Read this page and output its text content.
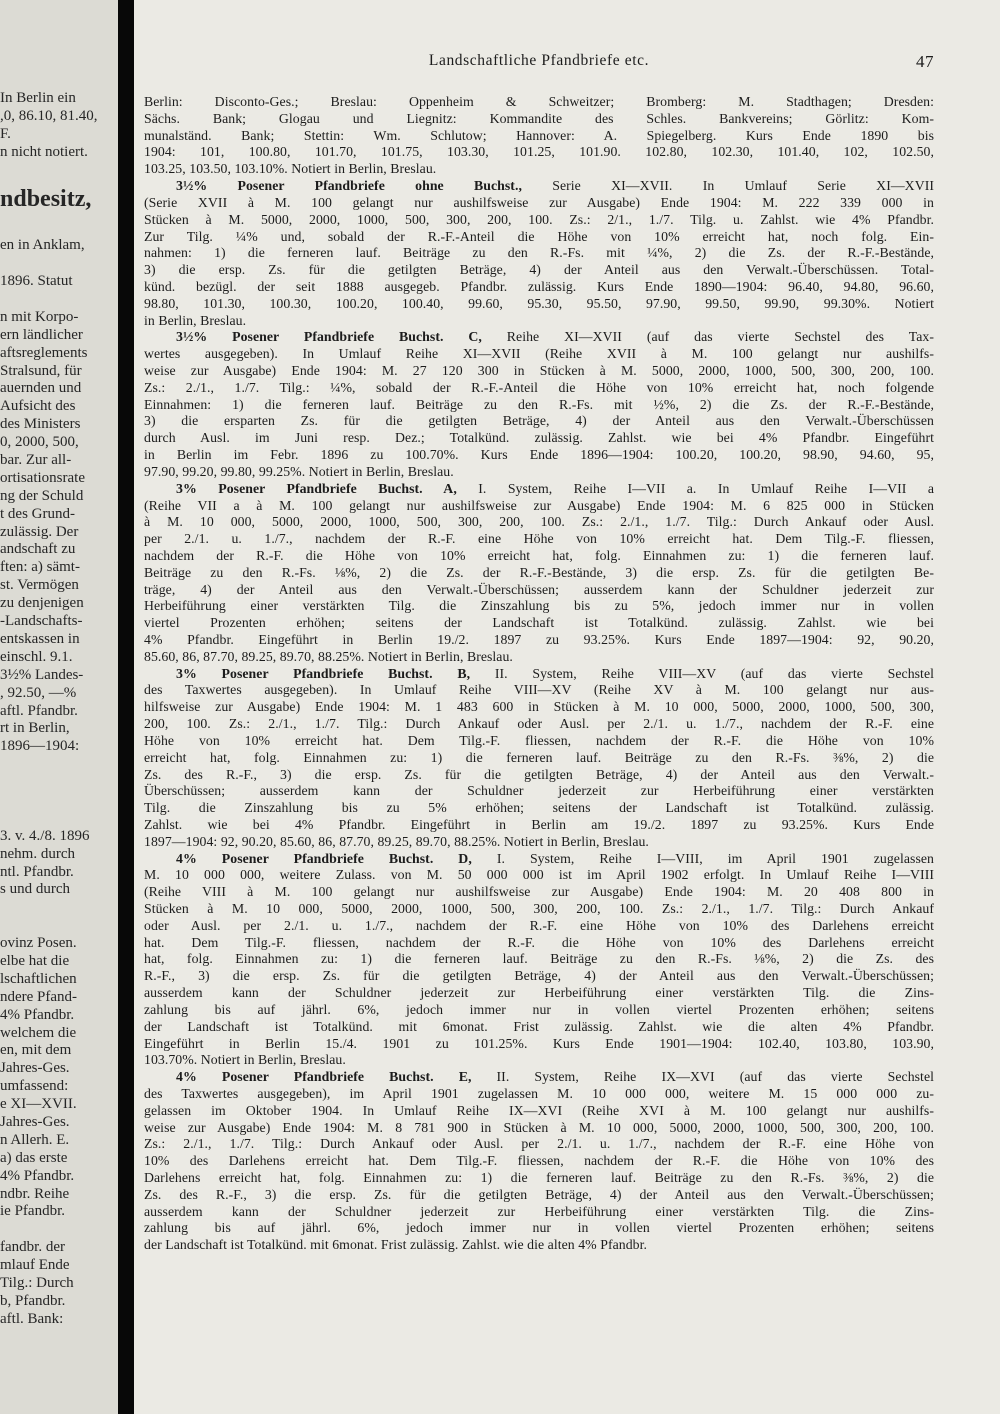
In Berlin ein
,0, 86.10, 81.40,
F.
n nicht notiert.
ndbesitz,
en in Anklam,
1896. Statut
n mit Korpo-
ern ländlicher
aftsreglements
Stralsund, für
auernden und
Aufsicht des
des Ministers
0, 2000, 500,
bar. Zur all-
ortisationsrate
ng der Schuld
t des Grund-
zulässig. Der
andschaft zu
ften: a) sämt-
st. Vermögen
zu denjenigen
-Landschafts-
entskassen in
einschl. 9.1.
3½% Landes-
, 92.50, —%
aftl. Pfandbr.
rt in Berlin,
1896—1904:
3. v. 4./8. 1896
nehm. durch
ntl. Pfandbr.
s und durch
ovinz Posen.
elbe hat die
lschaftlichen
ndere Pfand-
4% Pfandbr.
welchem die
en, mit dem
Jahres-Ges.
umfassend:
e XI—XVII.
Jahres-Ges.
n Allerh. E.
a) das erste
4% Pfandbr.
ndbr. Reihe
ie Pfandbr.
fandbr. der
mlauf Ende
Tilg.: Durch
b, Pfandbr.
aftl. Bank:
Landschaftliche Pfandbriefe etc.	47
Berlin: Disconto-Ges.; Breslau: Oppenheim & Schweitzer; Bromberg: M. Stadthagen; Dresden:
Sächs. Bank; Glogau und Liegnitz: Kommandite des Schles. Bankvereins; Görlitz: Kom-
munalständ. Bank; Stettin: Wm. Schlutow; Hannover: A. Spiegelberg. Kurs Ende 1890 bis
1904: 101, 100.80, 101.70, 101.75, 103.30, 101.25, 101.90. 102.80, 102.30, 101.40, 102, 102.50,
103.25, 103.50, 103.10%. Notiert in Berlin, Breslau.
3½% Posener Pfandbriefe ohne Buchst., Serie XI—XVII. In Umlauf Serie XI—XVII
(Serie XVII à M. 100 gelangt nur aushilfsweise zur Ausgabe) Ende 1904: M. 222 339 000 in
Stücken à M. 5000, 2000, 1000, 500, 300, 200, 100. Zs.: 2/1., 1./7. Tilg. u. Zahlst. wie 4% Pfandbr.
Zur Tilg. ¼% und, sobald der R.-F.-Anteil die Höhe von 10% erreicht hat, noch folg. Ein-
nahmen: 1) die ferneren lauf. Beiträge zu den R.-Fs. mit ¼%, 2) die Zs. der R.-F.-Bestände,
3) die ersp. Zs. für die getilgten Beträge, 4) der Anteil aus den Verwalt.-Überschüssen. Total-
künd. bezügl. der seit 1888 ausgegeb. Pfandbr. zulässig. Kurs Ende 1890—1904: 96.40, 94.80, 96.60,
98.80, 101.30, 100.30, 100.20, 100.40, 99.60, 95.30, 95.50, 97.90, 99.50, 99.90, 99.30%. Notiert
in Berlin, Breslau.
3½% Posener Pfandbriefe Buchst. C, Reihe XI—XVII (auf das vierte Sechstel des Tax-
wertes ausgegeben). In Umlauf Reihe XI—XVII (Reihe XVII à M. 100 gelangt nur aushilfs-
weise zur Ausgabe) Ende 1904: M. 27 120 300 in Stücken à M. 5000, 2000, 1000, 500, 300, 200, 100.
Zs.: 2./1., 1./7. Tilg.: ¼%, sobald der R.-F.-Anteil die Höhe von 10% erreicht hat, noch folgende
Einnahmen: 1) die ferneren lauf. Beiträge zu den R.-Fs. mit ½%, 2) die Zs. der R.-F.-Bestände,
3) die ersparten Zs. für die getilgten Beträge, 4) der Anteil aus den Verwalt.-Überschüssen
durch Ausl. im Juni resp. Dez.; Totalkünd. zulässig. Zahlst. wie bei 4% Pfandbr. Eingeführt
in Berlin im Febr. 1896 zu 100.70%. Kurs Ende 1896—1904: 100.20, 100.20, 98.90, 94.60, 95,
97.90, 99.20, 99.80, 99.25%. Notiert in Berlin, Breslau.
3% Posener Pfandbriefe Buchst. A, I. System, Reihe I—VII a. In Umlauf Reihe I—VII a
(Reihe VII a à M. 100 gelangt nur aushilfsweise zur Ausgabe) Ende 1904: M. 6 825 000 in Stücken
à M. 10 000, 5000, 2000, 1000, 500, 300, 200, 100. Zs.: 2./1., 1./7. Tilg.: Durch Ankauf oder Ausl.
per 2./1. u. 1./7., nachdem der R.-F. eine Höhe von 10% erreicht hat. Dem Tilg.-F. fliessen,
nachdem der R.-F. die Höhe von 10% erreicht hat, folg. Einnahmen zu: 1) die ferneren lauf.
Beiträge zu den R.-Fs. ⅛%, 2) die Zs. der R.-F.-Bestände, 3) die ersp. Zs. für die getilgten Be-
träge, 4) der Anteil aus den Verwalt.-Überschüssen; ausserdem kann der Schuldner jederzeit zur
Herbeiführung einer verstärkten Tilg. die Zinszahlung bis zu 5%, jedoch immer nur in vollen
viertel Prozenten erhöhen; seitens der Landschaft ist Totalkünd. zulässig. Zahlst. wie bei
4% Pfandbr. Eingeführt in Berlin 19./2. 1897 zu 93.25%. Kurs Ende 1897—1904: 92, 90.20,
85.60, 86, 87.70, 89.25, 89.70, 88.25%. Notiert in Berlin, Breslau.
3% Posener Pfandbriefe Buchst. B, II. System, Reihe VIII—XV (auf das vierte Sechstel
des Taxwertes ausgegeben). In Umlauf Reihe VIII—XV (Reihe XV à M. 100 gelangt nur aus-
hilfsweise zur Ausgabe) Ende 1904: M. 1 483 600 in Stücken à M. 10 000, 5000, 2000, 1000, 500, 300,
200, 100. Zs.: 2./1., 1./7. Tilg.: Durch Ankauf oder Ausl. per 2./1. u. 1./7., nachdem der R.-F. eine
Höhe von 10% erreicht hat. Dem Tilg.-F. fliessen, nachdem der R.-F. die Höhe von 10%
erreicht hat, folg. Einnahmen zu: 1) die ferneren lauf. Beiträge zu den R.-Fs. ⅜%, 2) die
Zs. des R.-F., 3) die ersp. Zs. für die getilgten Beträge, 4) der Anteil aus den Verwalt.-
Überschüssen; ausserdem kann der Schuldner jederzeit zur Herbeiführung einer verstärkten
Tilg. die Zinszahlung bis zu 5% erhöhen; seitens der Landschaft ist Totalkünd. zulässig.
Zahlst. wie bei 4% Pfandbr. Eingeführt in Berlin am 19./2. 1897 zu 93.25%. Kurs Ende
1897—1904: 92, 90.20, 85.60, 86, 87.70, 89.25, 89.70, 88.25%. Notiert in Berlin, Breslau.
4% Posener Pfandbriefe Buchst. D, I. System, Reihe I—VIII, im April 1901 zugelassen
M. 10 000 000, weitere Zulass. von M. 50 000 000 ist im April 1902 erfolgt. In Umlauf Reihe I—VIII
(Reihe VIII à M. 100 gelangt nur aushilfsweise zur Ausgabe) Ende 1904: M. 20 408 800 in
Stücken à M. 10 000, 5000, 2000, 1000, 500, 300, 200, 100. Zs.: 2./1., 1./7. Tilg.: Durch Ankauf
oder Ausl. per 2./1. u. 1./7., nachdem der R.-F. eine Höhe von 10% des Darlehens erreicht
hat. Dem Tilg.-F. fliessen, nachdem der R.-F. die Höhe von 10% des Darlehens erreicht
hat, folg. Einnahmen zu: 1) die ferneren lauf. Beiträge zu den R.-Fs. ⅛%, 2) die Zs. des
R.-F., 3) die ersp. Zs. für die getilgten Beträge, 4) der Anteil aus den Verwalt.-Überschüssen;
ausserdem kann der Schuldner jederzeit zur Herbeiführung einer verstärkten Tilg. die Zins-
zahlung bis auf jährl. 6%, jedoch immer nur in vollen viertel Prozenten erhöhen; seitens
der Landschaft ist Totalkünd. mit 6monat. Frist zulässig. Zahlst. wie die alten 4% Pfandbr.
Eingeführt in Berlin 15./4. 1901 zu 101.25%. Kurs Ende 1901—1904: 102.40, 103.80, 103.90,
103.70%. Notiert in Berlin, Breslau.
4% Posener Pfandbriefe Buchst. E, II. System, Reihe IX—XVI (auf das vierte Sechstel
des Taxwertes ausgegeben), im April 1901 zugelassen M. 10 000 000, weitere M. 15 000 000 zu-
gelassen im Oktober 1904. In Umlauf Reihe IX—XVI (Reihe XVI à M. 100 gelangt nur aushilfs-
weise zur Ausgabe) Ende 1904: M. 8 781 900 in Stücken à M. 10 000, 5000, 2000, 1000, 500, 300, 200, 100.
Zs.: 2./1., 1./7. Tilg.: Durch Ankauf oder Ausl. per 2./1. u. 1./7., nachdem der R.-F. eine Höhe von
10% des Darlehens erreicht hat. Dem Tilg.-F. fliessen, nachdem der R.-F. die Höhe von 10% des
Darlehens erreicht hat, folg. Einnahmen zu: 1) die ferneren lauf. Beiträge zu den R.-Fs. ⅜%, 2) die
Zs. des R.-F., 3) die ersp. Zs. für die getilgten Beträge, 4) der Anteil aus den Verwalt.-Überschüssen;
ausserdem kann der Schuldner jederzeit zur Herbeiführung einer verstärkten Tilg. die Zins-
zahlung bis auf jährl. 6%, jedoch immer nur in vollen viertel Prozenten erhöhen; seitens
der Landschaft ist Totalkünd. mit 6monat. Frist zulässig. Zahlst. wie die alten 4% Pfandbr.
